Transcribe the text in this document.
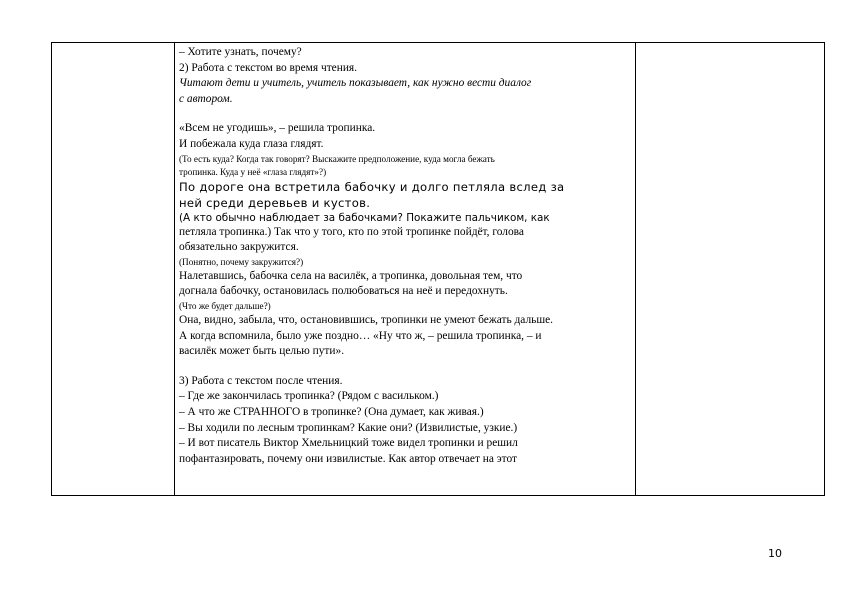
– Хотите узнать, почему?
2) Работа с текстом во время чтения.
Читают дети и учитель, учитель показывает, как нужно вести диалог
с автором.
«Всем не угодишь», – решила тропинка.
И побежала куда глаза глядят.
(То есть куда? Когда так говорят? Выскажите предположение, куда могла бежать
тропинка. Куда у неё «глаза глядят»?)
По дороге она встретила бабочку и долго петляла вслед за
ней среди деревьев и кустов.
(А кто обычно наблюдает за бабочками? Покажите пальчиком, как
петляла тропинка.) Так что у того, кто по этой тропинке пойдёт, голова
обязательно закружится.
(Понятно, почему закружится?)
Налетавшись, бабочка села на василёк, а тропинка, довольная тем, что
догнала бабочку, остановилась полюбоваться на неё и передохнуть.
(Что же будет дальше?)
Она, видно, забыла, что, остановившись, тропинки не умеют бежать дальше.
А когда вспомнила, было уже поздно… «Ну что ж, – решила тропинка, – и
василёк может быть целью пути».
3) Работа с текстом после чтения.
– Где же закончилась тропинка? (Рядом с васильком.)
– А что же СТРАННОГО в тропинке? (Она думает, как живая.)
– Вы ходили по лесным тропинкам? Какие они? (Извилистые, узкие.)
– И вот писатель Виктор Хмельницкий тоже видел тропинки и решил
пофантазировать, почему они извилистые. Как автор отвечает на этот

10
